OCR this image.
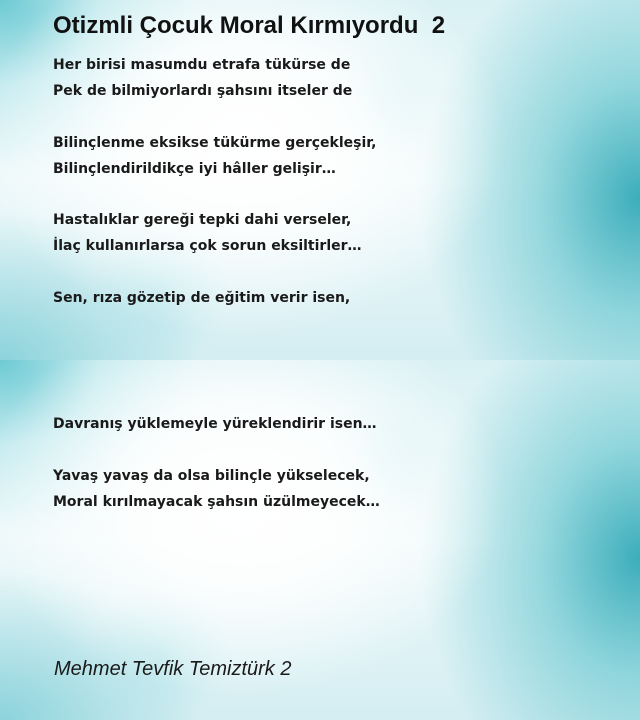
Otizmli Çocuk Moral Kırmıyordu  2

Her birisi masumdu etrafa tükürse de
Pek de bilmiyorlardı şahsını itseler de

Bilinçlenme eksikse tükürme gerçekleşir,
Bilinçlendirildikçe iyi hâller gelişir…

Hastalıklar gereği tepki dahi verseler,
İlaç kullanırlarsa çok sorun eksiltirler…

Sen, rıza gözetip de eğitim verir isen,

Davranış yüklemeyle yüreklendirir isen…

Yavaş yavaş da olsa bilinçle yükselecek,
Moral kırılmayacak şahsın üzülmeyecek…

Mehmet Tevfik Temiztürk 2
